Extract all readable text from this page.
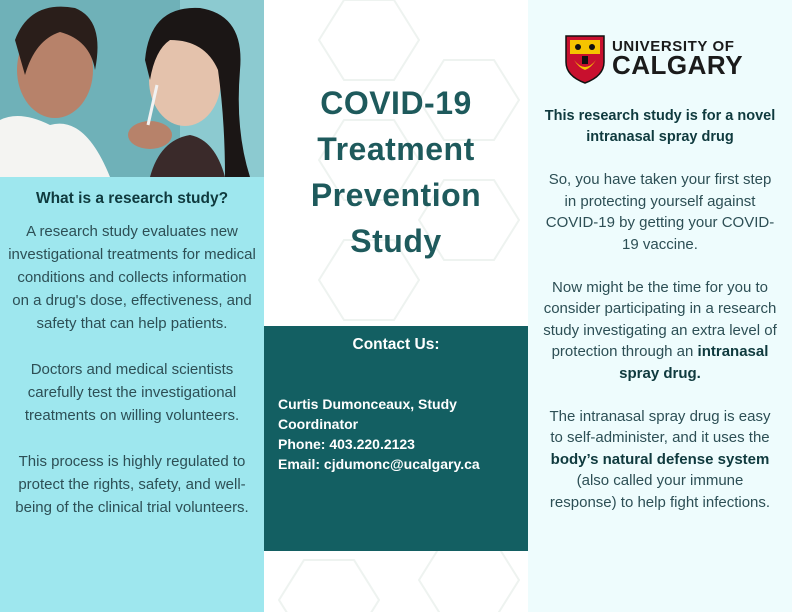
What is a research study?
A research study evaluates new investigational treatments for medical conditions and collects information on a drug's dose, effectiveness, and safety that can help patients.
Doctors and medical scientists carefully test the investigational treatments on willing volunteers.
This process is highly regulated to protect the rights, safety, and well-being of the clinical trial volunteers.
COVID-19
Treatment
Prevention
Study
Contact Us:
Curtis Dumonceaux, Study
Coordinator
Phone: 403.220.2123
Email: cjdumonc@ucalgary.ca
UNIVERSITY OF
CALGARY
This research study is for a novel intranasal spray drug
So, you have taken your first step in protecting yourself against COVID-19 by getting your COVID-19 vaccine.
Now might be the time for you to consider participating in a research study investigating an extra level of protection through an intranasal spray drug.
The intranasal spray drug is easy to self-administer, and it uses the body’s natural defense system (also called your immune response) to help fight infections.
